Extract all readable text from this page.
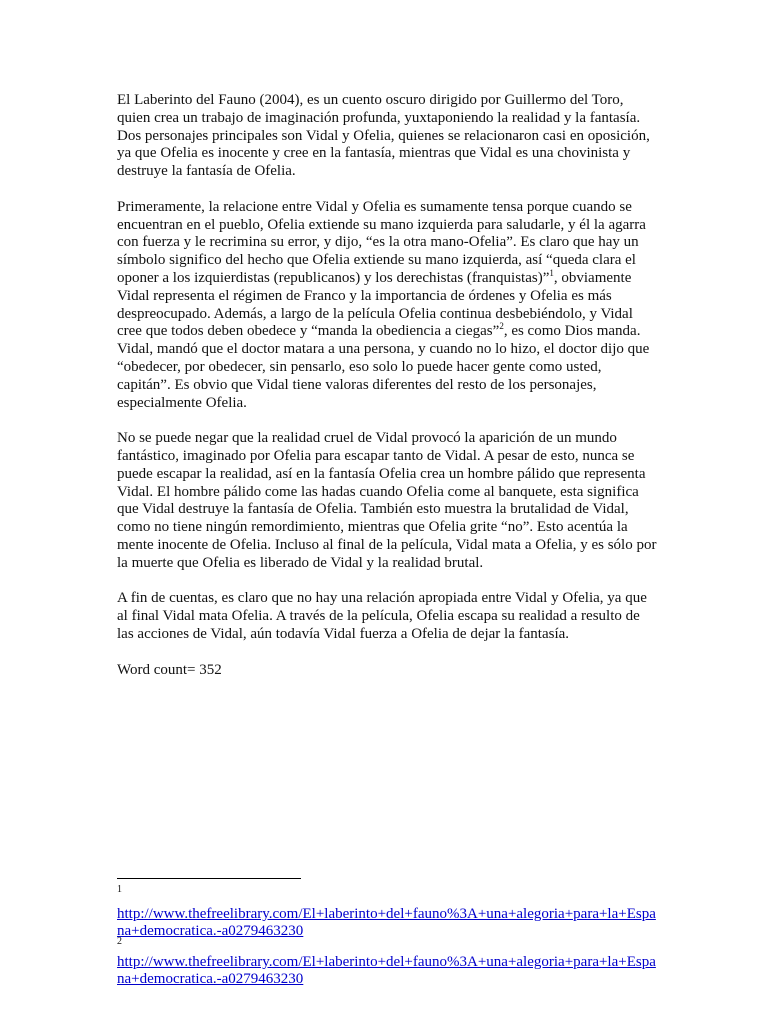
El Laberinto del Fauno (2004), es un cuento oscuro dirigido por Guillermo del Toro, quien crea un trabajo de imaginación profunda, yuxtaponiendo la realidad y la fantasía. Dos personajes principales son Vidal y Ofelia, quienes se relacionaron casi en oposición, ya que Ofelia es inocente y cree en la fantasía, mientras que Vidal es una chovinista y destruye la fantasía de Ofelia.

Primeramente, la relacione entre Vidal y Ofelia es sumamente tensa porque cuando se encuentran en el pueblo, Ofelia extiende su mano izquierda para saludarle, y él la agarra con fuerza y le recrimina su error, y dijo, “es la otra mano-Ofelia”. Es claro que hay un símbolo significo del hecho que Ofelia extiende su mano izquierda, así “queda clara el oponer a los izquierdistas (republicanos) y los derechistas (franquistas)”$^1$, obviamente Vidal representa el régimen de Franco y la importancia de órdenes y Ofelia es más despreocupado. Además, a largo de la película Ofelia continua desbebiéndolo, y Vidal cree que todos deben obedece y “manda la obediencia a ciegas”$^2$, es como Dios manda. Vidal, mandó que el doctor matara a una persona, y cuando no lo hizo, el doctor dijo que “obedecer, por obedecer, sin pensarlo, eso solo lo puede hacer gente como usted, capitán”. Es obvio que Vidal tiene valoras diferentes del resto de los personajes, especialmente Ofelia.

No se puede negar que la realidad cruel de Vidal provocó la aparición de un mundo fantástico, imaginado por Ofelia para escapar tanto de Vidal. A pesar de esto, nunca se puede escapar la realidad, así en la fantasía Ofelia crea un hombre pálido que representa Vidal. El hombre pálido come las hadas cuando Ofelia come al banquete, esta significa que Vidal destruye la fantasía de Ofelia. También esto muestra la brutalidad de Vidal, como no tiene ningún remordimiento, mientras que Ofelia grite “no”. Esto acentúa la mente inocente de Ofelia. Incluso al final de la película, Vidal mata a Ofelia, y es sólo por la muerte que Ofelia es liberado de Vidal y la realidad brutal.

A fin de cuentas, es claro que no hay una relación apropiada entre Vidal y Ofelia, ya que al final Vidal mata Ofelia. A través de la película, Ofelia escapa su realidad a resulto de las acciones de Vidal, aún todavía Vidal fuerza a Ofelia de dejar la fantasía.

Word count= 352

1
http://www.thefreelibrary.com/El+laberinto+del+fauno%3A+una+alegoria+para+la+Espana+democratica.-a0279463230
2
http://www.thefreelibrary.com/El+laberinto+del+fauno%3A+una+alegoria+para+la+Espana+democratica.-a0279463230
